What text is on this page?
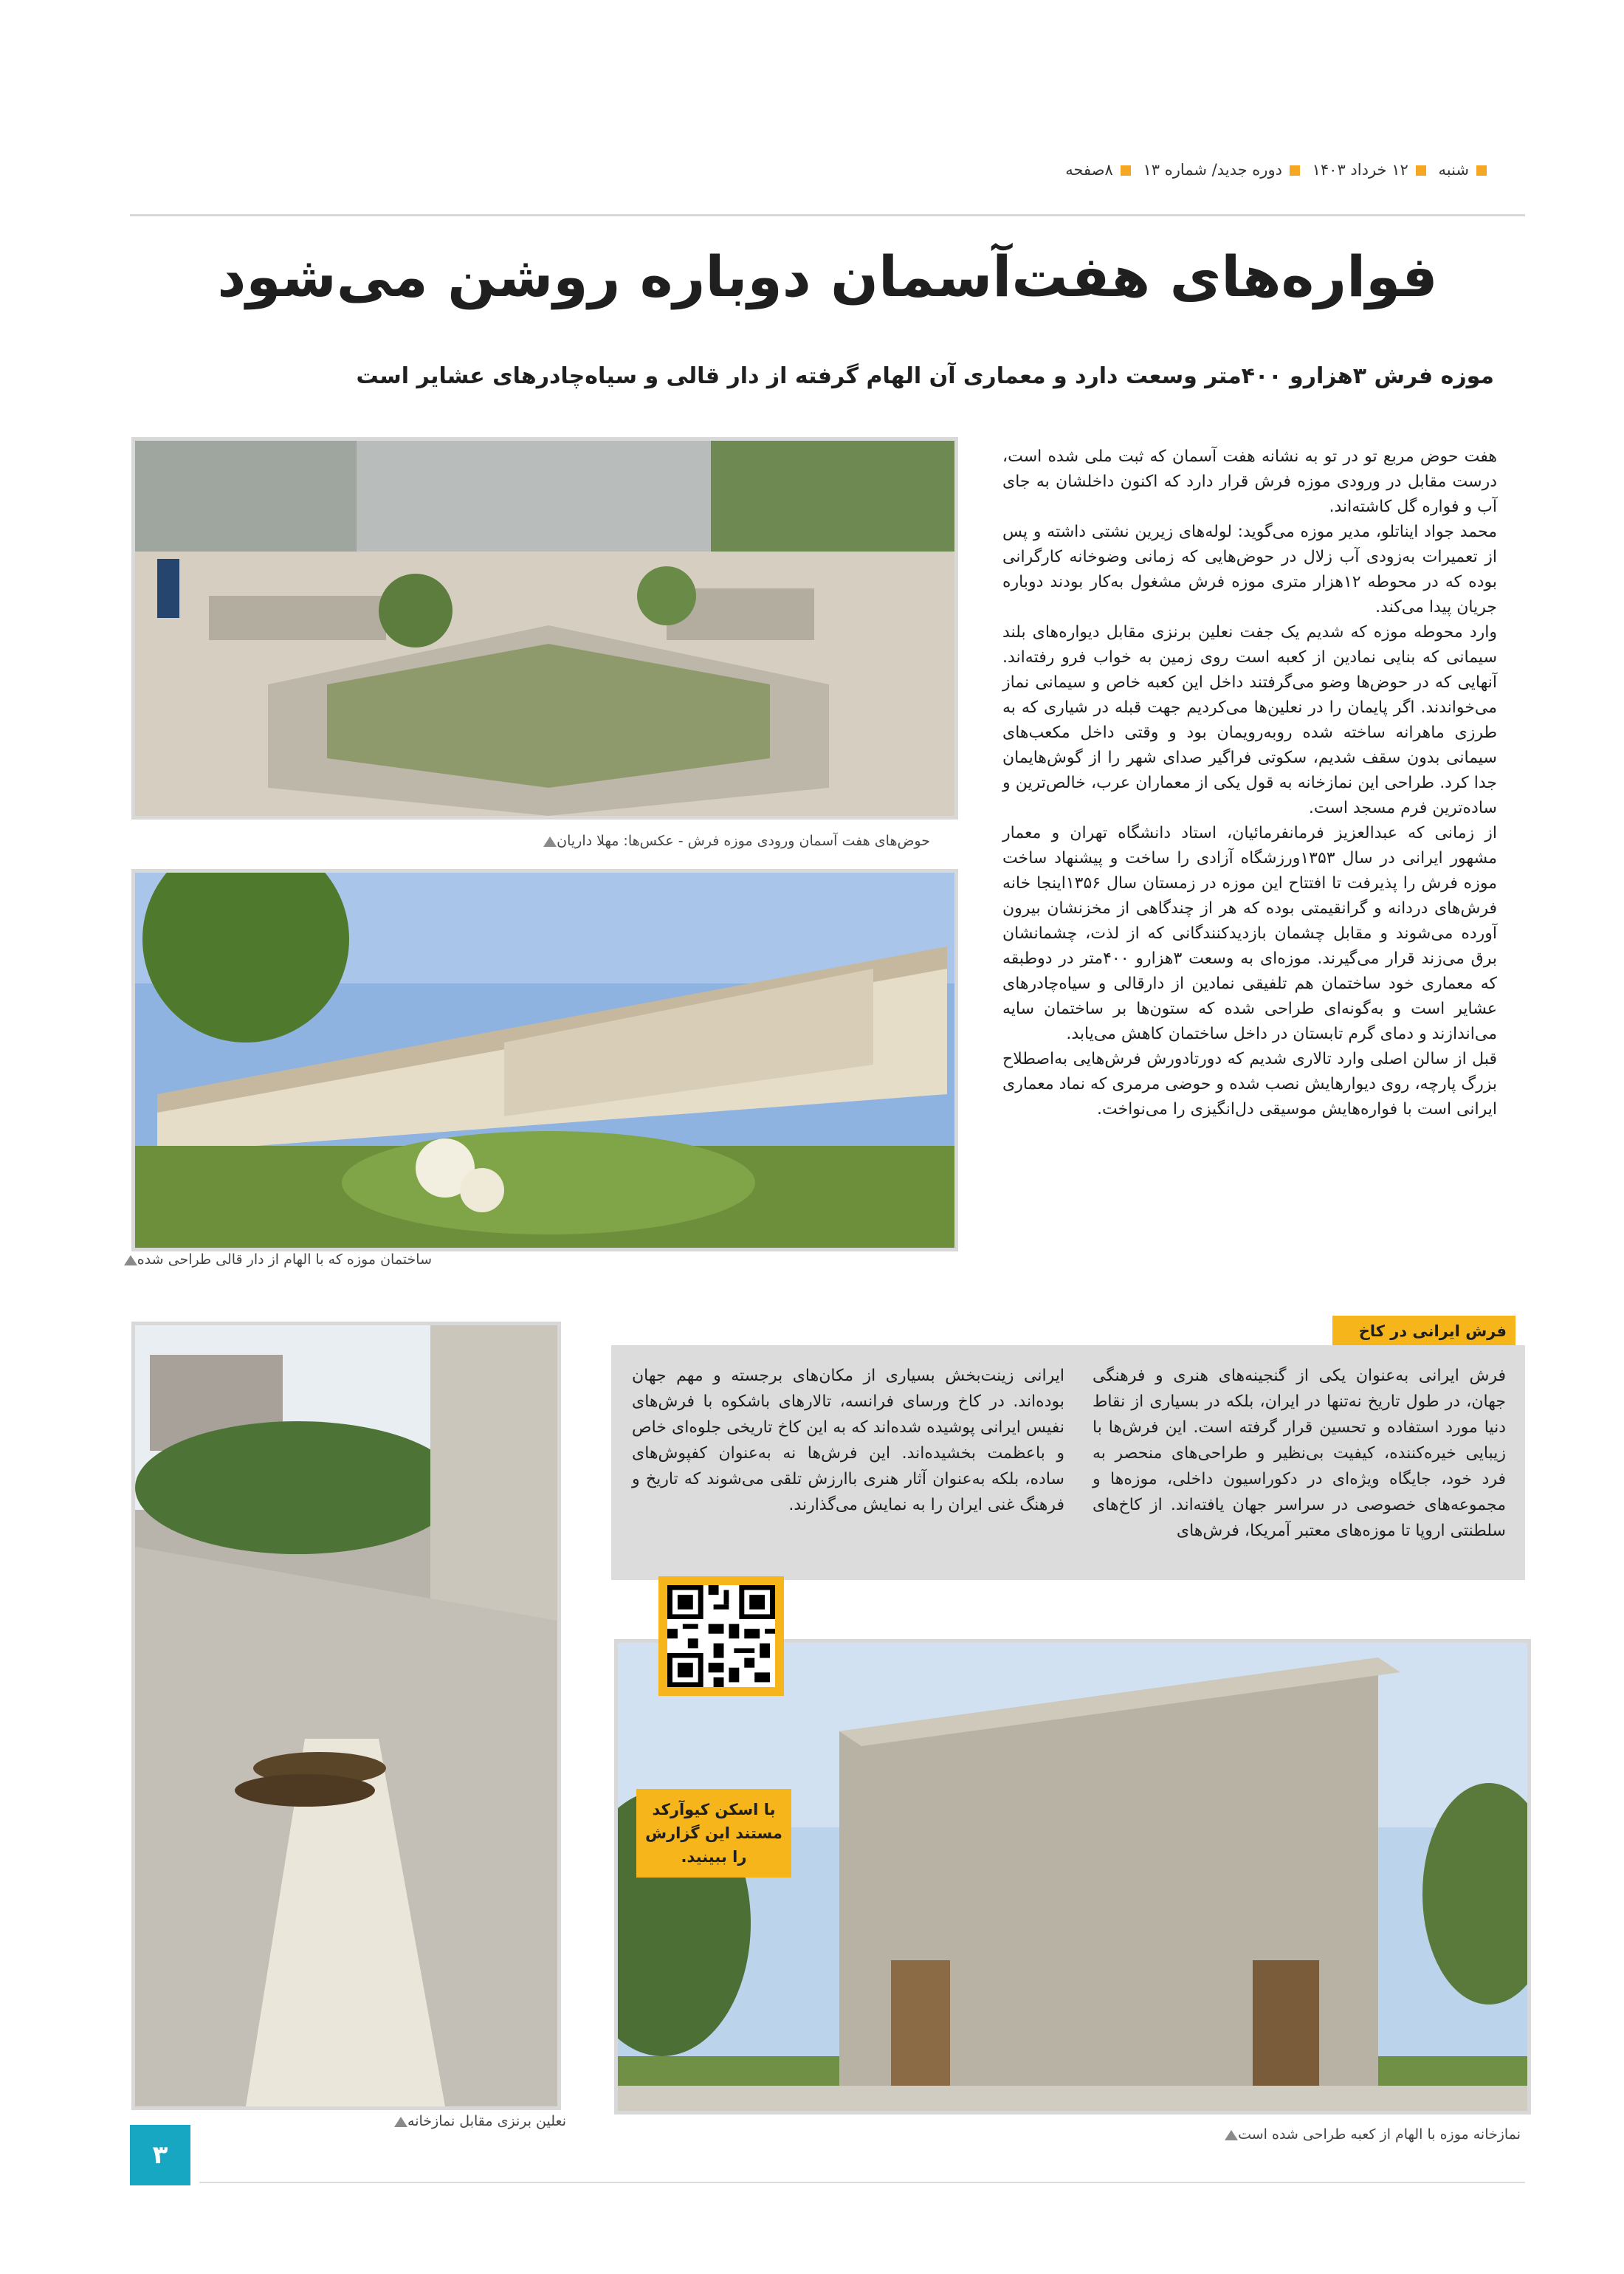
شنبه ۱۲ خرداد ۱۴۰۳ دوره جدید/ شماره ۱۳ ۸صفحه
فواره‌های هفت‌آسمان دوباره روشن می‌شود
موزه فرش ۳هزارو ۴۰۰متر وسعت دارد و معماری آن الهام گرفته از دار قالی و سیاه‌چادرهای عشایر است
حوض‌های هفت آسمان ورودی موزه فرش - عکس‌ها: مهلا داریان
ساختمان موزه که با الهام از دار قالی طراحی شده

هفت حوض مربع تو در تو به نشانه هفت آسمان که ثبت ملی شده است، درست مقابل در ورودی موزه فرش قرار دارد که اکنون داخلشان به جای آب و فواره گل کاشته‌اند.

محمد جواد ایناتلو، مدیر موزه می‌گوید: لوله‌های زیرین نشتی داشته و پس از تعمیرات به‌زودی آب زلال در حوض‌هایی که زمانی وضوخانه کارگرانی بوده که در محوطه ۱۲هزار متری موزه فرش مشغول به‌کار بودند دوباره جریان پیدا می‌کند.

وارد محوطه موزه که شدیم یک جفت نعلین برنزی مقابل دیواره‌های بلند سیمانی که بنایی نمادین از کعبه است روی زمین به خواب فرو رفته‌اند. آنهایی که در حوض‌ها وضو می‌گرفتند داخل این کعبه خاص و سیمانی نماز می‌خواندند. اگر پایمان را در نعلین‌ها می‌کردیم جهت قبله در شیاری که به طرزی ماهرانه ساخته شده روبه‌رویمان بود و وقتی داخل مکعب‌های سیمانی بدون سقف شدیم، سکوتی فراگیر صدای شهر را از گوش‌هایمان جدا کرد. طراحی این نمازخانه به قول یکی از معماران عرب، خالص‌ترین و ساده‌ترین فرم مسجد است.

از زمانی که عبدالعزیز فرمانفرمائیان، استاد دانشگاه تهران و معمار مشهور ایرانی در سال ۱۳۵۳ورزشگاه آزادی را ساخت و پیشنهاد ساخت موزه فرش را پذیرفت تا افتتاح این موزه در زمستان سال ۱۳۵۶اینجا خانه فرش‌های دردانه و گرانقیمتی بوده که هر از چندگاهی از مخزنشان بیرون آورده می‌شوند و مقابل چشمان بازدیدکنندگانی که از لذت، چشمانشان برق می‌زند قرار می‌گیرند. موزه‌ای به وسعت ۳هزارو ۴۰۰متر در دوطبقه که معماری خود ساختمان هم تلفیقی نمادین از دارقالی و سیاه‌چادرهای عشایر است و به‌گونه‌ای طراحی شده که ستون‌ها بر ساختمان سایه می‌اندازند و دمای گرم تابستان در داخل ساختمان کاهش می‌یابد.

قبل از سالن اصلی وارد تالاری شدیم که دورتادورش فرش‌هایی به‌اصطلاح بزرگ پارچه، روی دیوارهایش نصب شده و حوضی مرمری که نماد معماری ایرانی است با فواره‌هایش موسیقی دل‌انگیزی را می‌نواخت.

نعلین برنزی مقابل نمازخانه
فرش ایرانی در کاخ

فرش ایرانی به‌عنوان یکی از گنجینه‌های هنری و فرهنگی جهان، در طول تاریخ نه‌تنها در ایران، بلکه در بسیاری از نقاط دنیا مورد استفاده و تحسین قرار گرفته است. این فرش‌ها با زیبایی خیره‌کننده، کیفیت بی‌نظیر و طراحی‌های منحصر به فرد خود، جایگاه ویژه‌ای در دکوراسیون داخلی، موزه‌ها و مجموعه‌های خصوصی در سراسر جهان یافته‌اند. از کاخ‌های سلطنتی اروپا تا موزه‌های معتبر آمریکا، فرش‌های

ایرانی زینت‌بخش بسیاری از مکان‌های برجسته و مهم جهان بوده‌اند. در کاخ ورسای فرانسه، تالارهای باشکوه با فرش‌های نفیس ایرانی پوشیده شده‌اند که به این کاخ تاریخی جلوه‌ای خاص و باعظمت بخشیده‌اند. این فرش‌ها نه به‌عنوان کفپوش‌های ساده، بلکه به‌عنوان آثار هنری باارزش تلقی می‌شوند که تاریخ و فرهنگ غنی ایران را به نمایش می‌گذارند.

نمازخانه موزه با الهام از کعبه طراحی شده است
با اسکن کیوآرکد مستند این گزارش را ببینید.
۳
